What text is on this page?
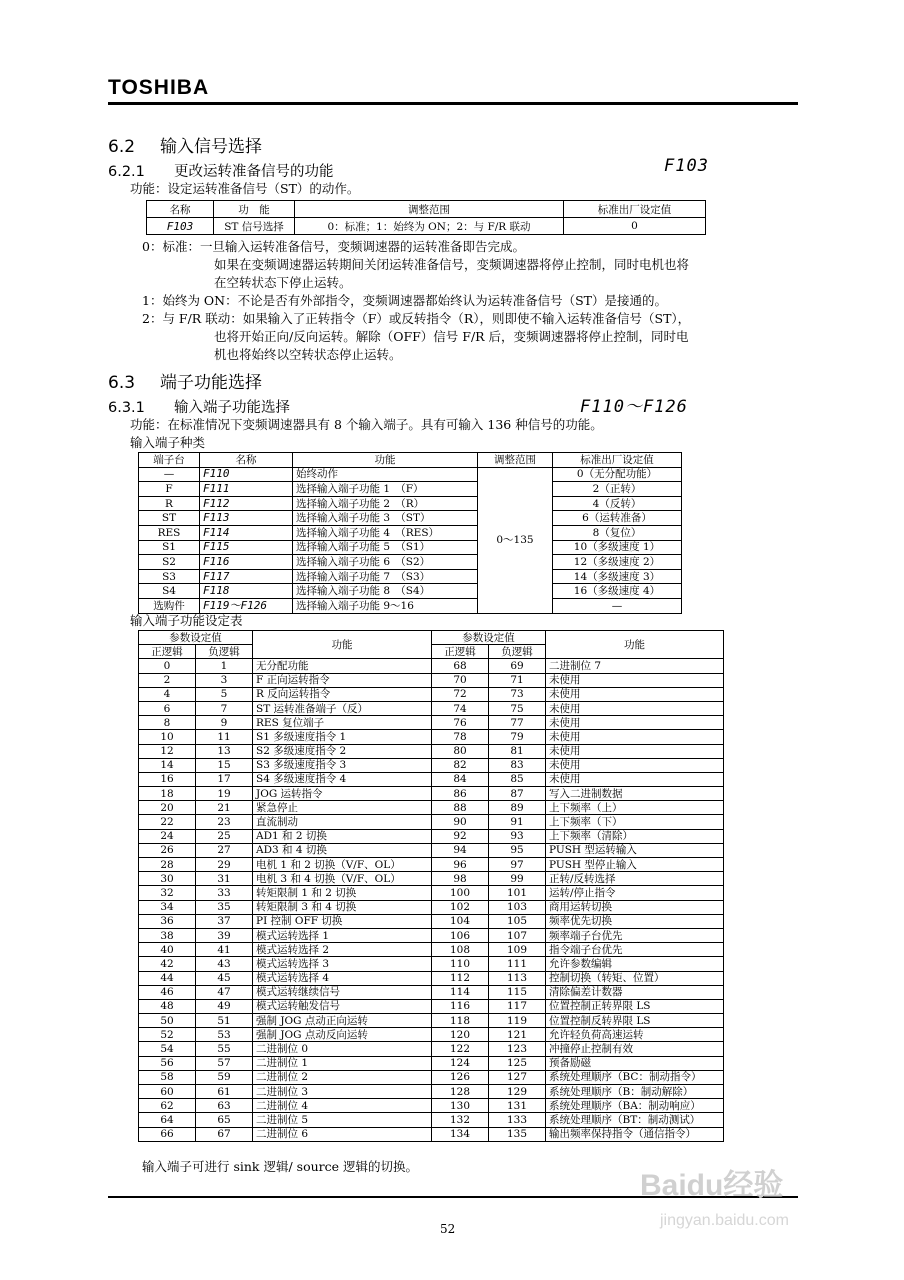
TOSHIBA
6.2 输入信号选择
6.2.1 更改运转准备信号的功能	F103
功能：设定运转准备信号（ST）的动作。
名称	功　能	调整范围	标准出厂设定值
F103	ST 信号选择	0：标准；1：始终为 ON；2：与 F/R 联动	0
0：标准：一旦输入运转准备信号，变频调速器的运转准备即告完成。
如果在变频调速器运转期间关闭运转准备信号，变频调速器将停止控制，同时电机也将
在空转状态下停止运转。
1：始终为 ON：不论是否有外部指令，变频调速器都始终认为运转准备信号（ST）是接通的。
2：与 F/R 联动：如果输入了正转指令（F）或反转指令（R），则即使不输入运转准备信号（ST），
也将开始正向/反向运转。解除（OFF）信号 F/R 后，变频调速器将停止控制，同时电
机也将始终以空转状态停止运转。
6.3 端子功能选择
6.3.1 输入端子功能选择	F110～F126
功能：在标准情况下变频调速器具有 8 个输入端子。具有可输入 136 种信号的功能。
输入端子种类
端子台	名称	功能	调整范围	标准出厂设定值
—	F110	始终动作	0～135	0（无分配功能）
F	F111	选择输入端子功能 1　（F）		2（正转）
R	F112	选择输入端子功能 2　（R）		4（反转）
ST	F113	选择输入端子功能 3　（ST）		6（运转准备）
RES	F114	选择输入端子功能 4　（RES）		8（复位）
S1	F115	选择输入端子功能 5　（S1）		10（多级速度 1）
S2	F116	选择输入端子功能 6　（S2）		12（多级速度 2）
S3	F117	选择输入端子功能 7　（S3）		14（多级速度 3）
S4	F118	选择输入端子功能 8　（S4）		16（多级速度 4）
选购件	F119～F126	选择输入端子功能 9～16		—
输入端子功能设定表
参数设定值		功能	参数设定值		功能
正逻辑	负逻辑		正逻辑	负逻辑	
0	1	无分配功能	68	69	二进制位 7
2	3	F 正向运转指令	70	71	未使用
4	5	R 反向运转指令	72	73	未使用
6	7	ST 运转准备端子（反）	74	75	未使用
8	9	RES 复位端子	76	77	未使用
10	11	S1 多级速度指令 1	78	79	未使用
12	13	S2 多级速度指令 2	80	81	未使用
14	15	S3 多级速度指令 3	82	83	未使用
16	17	S4 多级速度指令 4	84	85	未使用
18	19	JOG 运转指令	86	87	写入二进制数据
20	21	紧急停止	88	89	上下频率（上）
22	23	直流制动	90	91	上下频率（下）
24	25	AD1 和 2 切换	92	93	上下频率（清除）
26	27	AD3 和 4 切换	94	95	PUSH 型运转输入
28	29	电机 1 和 2 切换（V/F、OL）	96	97	PUSH 型停止输入
30	31	电机 3 和 4 切换（V/F、OL）	98	99	正转/反转选择
32	33	转矩限制 1 和 2 切换	100	101	运转/停止指令
34	35	转矩限制 3 和 4 切换	102	103	商用运转切换
36	37	PI 控制 OFF 切换	104	105	频率优先切换
38	39	模式运转选择 1	106	107	频率端子台优先
40	41	模式运转选择 2	108	109	指令端子台优先
42	43	模式运转选择 3	110	111	允许参数编辑
44	45	模式运转选择 4	112	113	控制切换（转矩、位置）
46	47	模式运转继续信号	114	115	清除偏差计数器
48	49	模式运转触发信号	116	117	位置控制正转界限 LS
50	51	强制 JOG 点动正向运转	118	119	位置控制反转界限 LS
52	53	强制 JOG 点动反向运转	120	121	允许轻负荷高速运转
54	55	二进制位 0	122	123	冲撞停止控制有效
56	57	二进制位 1	124	125	预备励磁
58	59	二进制位 2	126	127	系统处理顺序（BC：制动指令）
60	61	二进制位 3	128	129	系统处理顺序（B：制动解除）
62	63	二进制位 4	130	131	系统处理顺序（BA：制动响应）
64	65	二进制位 5	132	133	系统处理顺序（BT：制动测试）
66	67	二进制位 6	134	135	输出频率保持指令（通信指令）
输入端子可进行 sink 逻辑/ source 逻辑的切换。
52
Baidu经验
jingyan.baidu.com
